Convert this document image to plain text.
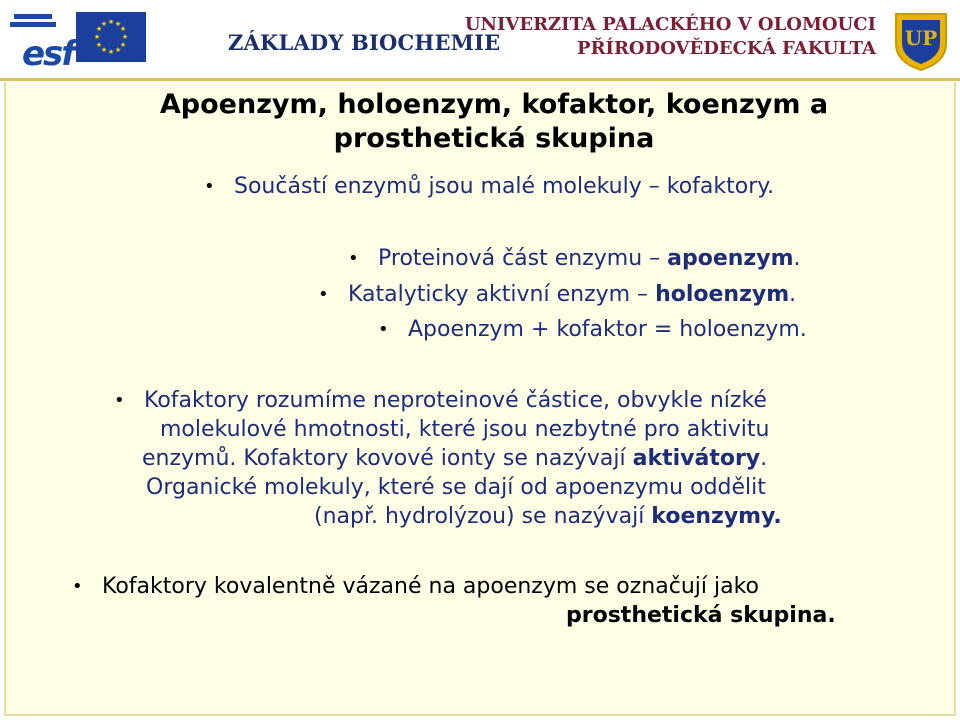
esf
★ ★
★
★
★
★
★
★
★
★
★
★
ZÁKLADY BIOCHEMIE
UNIVERZITA PALACKÉHO V OLOMOUCI
PŘÍRODOVĚDECKÁ FAKULTA	UP
Apoenzym, holoenzym, kofaktor, koenzym a prosthetická skupina
• Součástí enzymů jsou malé molekuly – kofaktory.
• Proteinová část enzymu – apoenzym.
• Katalyticky aktivní enzym – holoenzym.
• Apoenzym + kofaktor = holoenzym.
• Kofaktory rozumíme neproteinové částice, obvykle nízké
molekulové hmotnosti, které jsou nezbytné pro aktivitu
enzymů. Kofaktory kovové ionty se nazývají aktivátory.
Organické molekuly, které se dají od apoenzymu oddělit
(např. hydrolýzou) se nazývají koenzymy.
• Kofaktory kovalentně vázané na apoenzym se označují jako
prosthetická skupina.
